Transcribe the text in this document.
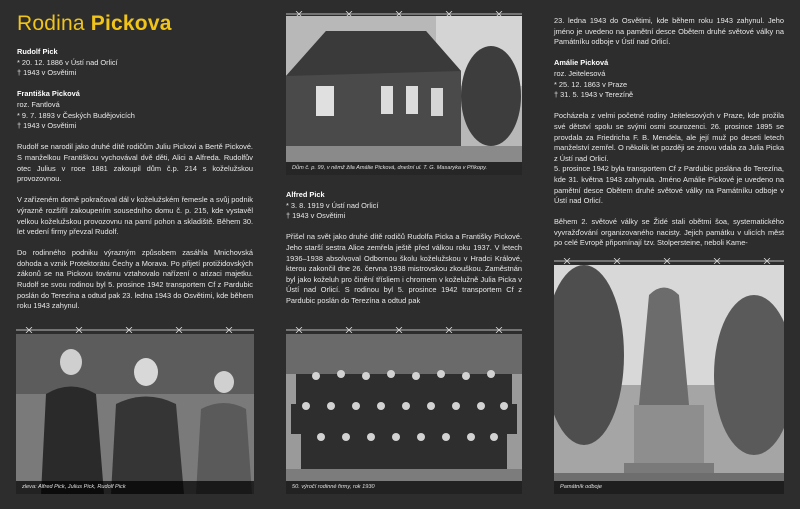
Rodina Pickova

Rudolf Pick

* 20. 12. 1886 v Ústí nad Orlicí

† 1943 v Osvětimi

Františka Picková

roz. Fantlová

* 9. 7. 1893 v Českých Budějovicích

† 1943 v Osvětimi

Rudolf se narodil jako druhé dítě rodičům Juliu Pickovi a Bertě Pickové. S manželkou Františkou vychovával dvě děti, Alici a Alfreda. Rudolfův otec Julius v roce 1881 zakoupil dům č.p. 214 s koželužskou provozovnou.

V zařízeném domě pokračoval dál v koželužském řemesle a svůj podnik výrazně rozšířil zakoupením sousedního domu č. p. 215, kde vystavěl velkou koželužskou provozovnu na parní pohon a skladiště. Během 30. let vedení firmy převzal Rudolf.

Do rodinného podniku výrazným způsobem zasáhla Mnichovská dohoda a vznik Protektorátu Čechy a Morava. Po přijetí protižidovských zákonů se na Pickovu továrnu vztahovalo nařízení o arizaci majetku. Rudolf se svou rodinou byl 5. prosince 1942 transportem Cf z Pardubic poslán do Terezína a odtud pak 23. ledna 1943 do Osvětimi, kde během roku 1943 zahynul.

zleva: Alfred Pick, Julius Pick, Rudolf Pick
Dům č. p. 99, v němž žila Amálie Picková, dnešní ul. T. G. Masaryka v Příkopy.

Alfred Pick

* 3. 8. 1919 v Ústí nad Orlicí

† 1943 v Osvětimi

Přišel na svět jako druhé dítě rodičů Rudolfa Picka a Františky Pickové. Jeho starší sestra Alice zemřela ještě před válkou roku 1937. V letech 1936–1938 absolvoval Odbornou školu koželužskou v Hradci Králové, kterou zakončil dne 26. června 1938 mistrovskou zkouškou. Zaměstnán byl jako koželuh pro činění třísliem i chromem v koželužně Julia Picka v Ústí nad Orlicí. S rodinou byl 5. prosince 1942 transportem Cf z Pardubic poslán do Terezína a odtud pak

50. výročí rodinné firmy, rok 1930

23. ledna 1943 do Osvětimi, kde během roku 1943 zahynul. Jeho jméno je uvedeno na pamětní desce Obětem druhé světové války na Památníku odboje v Ústí nad Orlicí.

Amálie Picková

roz. Jeitelesová

* 25. 12. 1863 v Praze

† 31. 5. 1943 v Terezíně

Pocházela z velmi početné rodiny Jeitelesových v Praze, kde prožila své dětství spolu se svými osmi sourozenci. 26. prosince 1895 se provdala za Friedricha F. B. Mendela, ale její muž po deseti letech manželství zemřel. O několik let později se znovu vdala za Julia Picka z Ústí nad Orlicí.

5. prosince 1942 byla transportem Cf z Pardubic poslána do Terezína, kde 31. května 1943 zahynula. Jméno Amálie Pickové je uvedeno na pamětní desce Obětem druhé světové války na Památníku odboje v Ústí nad Orlicí.

Během 2. světové války se Židé stali obětmi šoa, systematického vyvražďování organizovaného nacisty. Jejich památku v ulicích měst po celé Evropě připomínají tzv. Stolpersteine, neboli Kame-

Památník odboje
